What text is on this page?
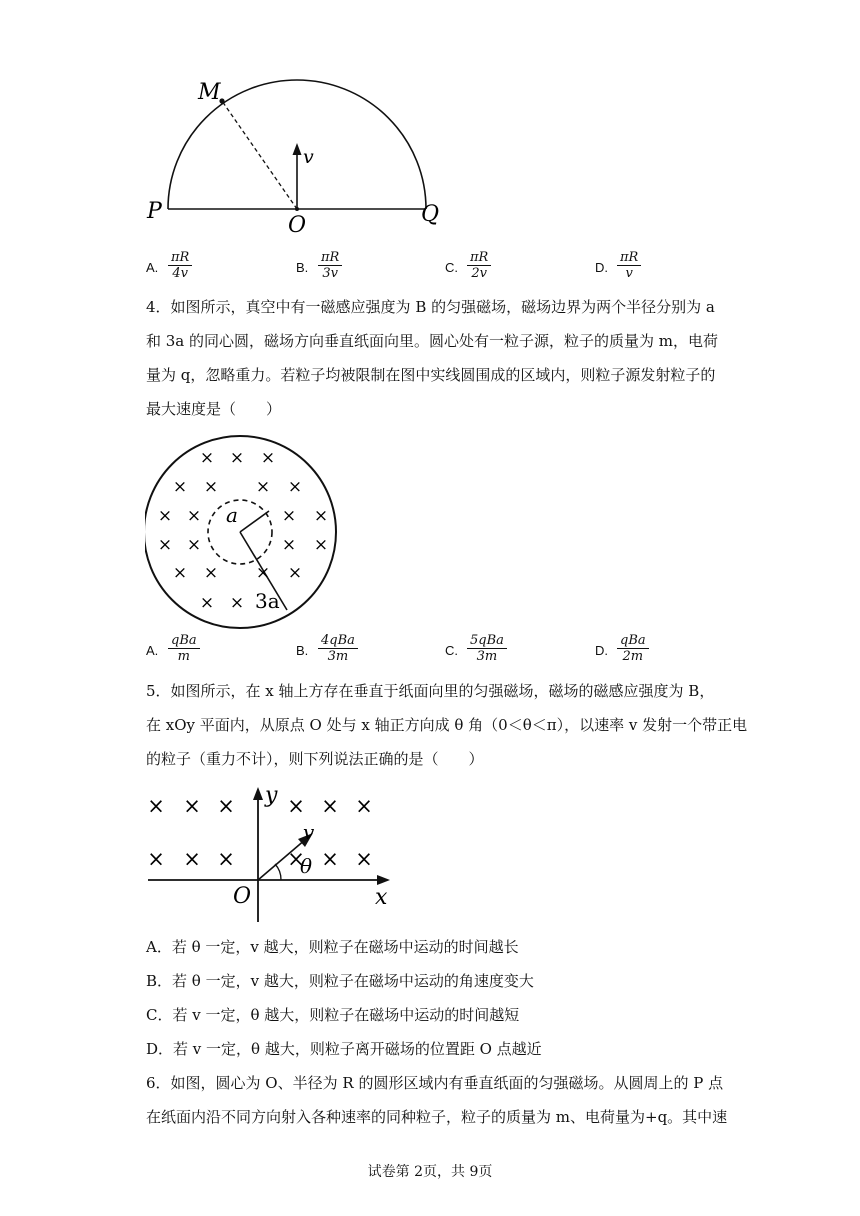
M
v
P
O	Q
A. $\frac{\pi R}{4v}$	B. $\frac{\pi R}{3v}$	C. $\frac{\pi R}{2v}$	D. $\frac{\pi R}{v}$
4．如图所示，真空中有一磁感应强度为 B 的匀强磁场，磁场边界为两个半径分别为 a
和 3a 的同心圆，磁场方向垂直纸面向里。圆心处有一粒子源，粒子的质量为 m，电荷
量为 q，忽略重力。若粒子均被限制在图中实线圆围成的区域内，则粒子源发射粒子的
最大速度是（　　）
a
3a
× × ×
× × × ×
× ×	× ×
× ×	× ×
× × × ×
× ×
A.
qBa
m	B.
4qBa
3m	C.
5qBa
3m	D.
qBa
2m
5．如图所示，在 x 轴上方存在垂直于纸面向里的匀强磁场，磁场的磁感应强度为 B，
在 xOy 平面内，从原点 O 处与 x 轴正方向成 θ 角（0＜θ＜π），以速率 v 发射一个带正电
的粒子（重力不计），则下列说法正确的是（　　）
y
x
O
v
θ
× × × × × ×
× × × × × ×
A．若 θ 一定，v 越大，则粒子在磁场中运动的时间越长
B．若 θ 一定，v 越大，则粒子在磁场中运动的角速度变大
C．若 v 一定，θ 越大，则粒子在磁场中运动的时间越短
D．若 v 一定，θ 越大，则粒子离开磁场的位置距 O 点越近
6．如图，圆心为 O、半径为 R 的圆形区域内有垂直纸面的匀强磁场。从圆周上的 P 点
在纸面内沿不同方向射入各种速率的同种粒子，粒子的质量为 m、电荷量为+q。其中速
试卷第 2页，共 9页
